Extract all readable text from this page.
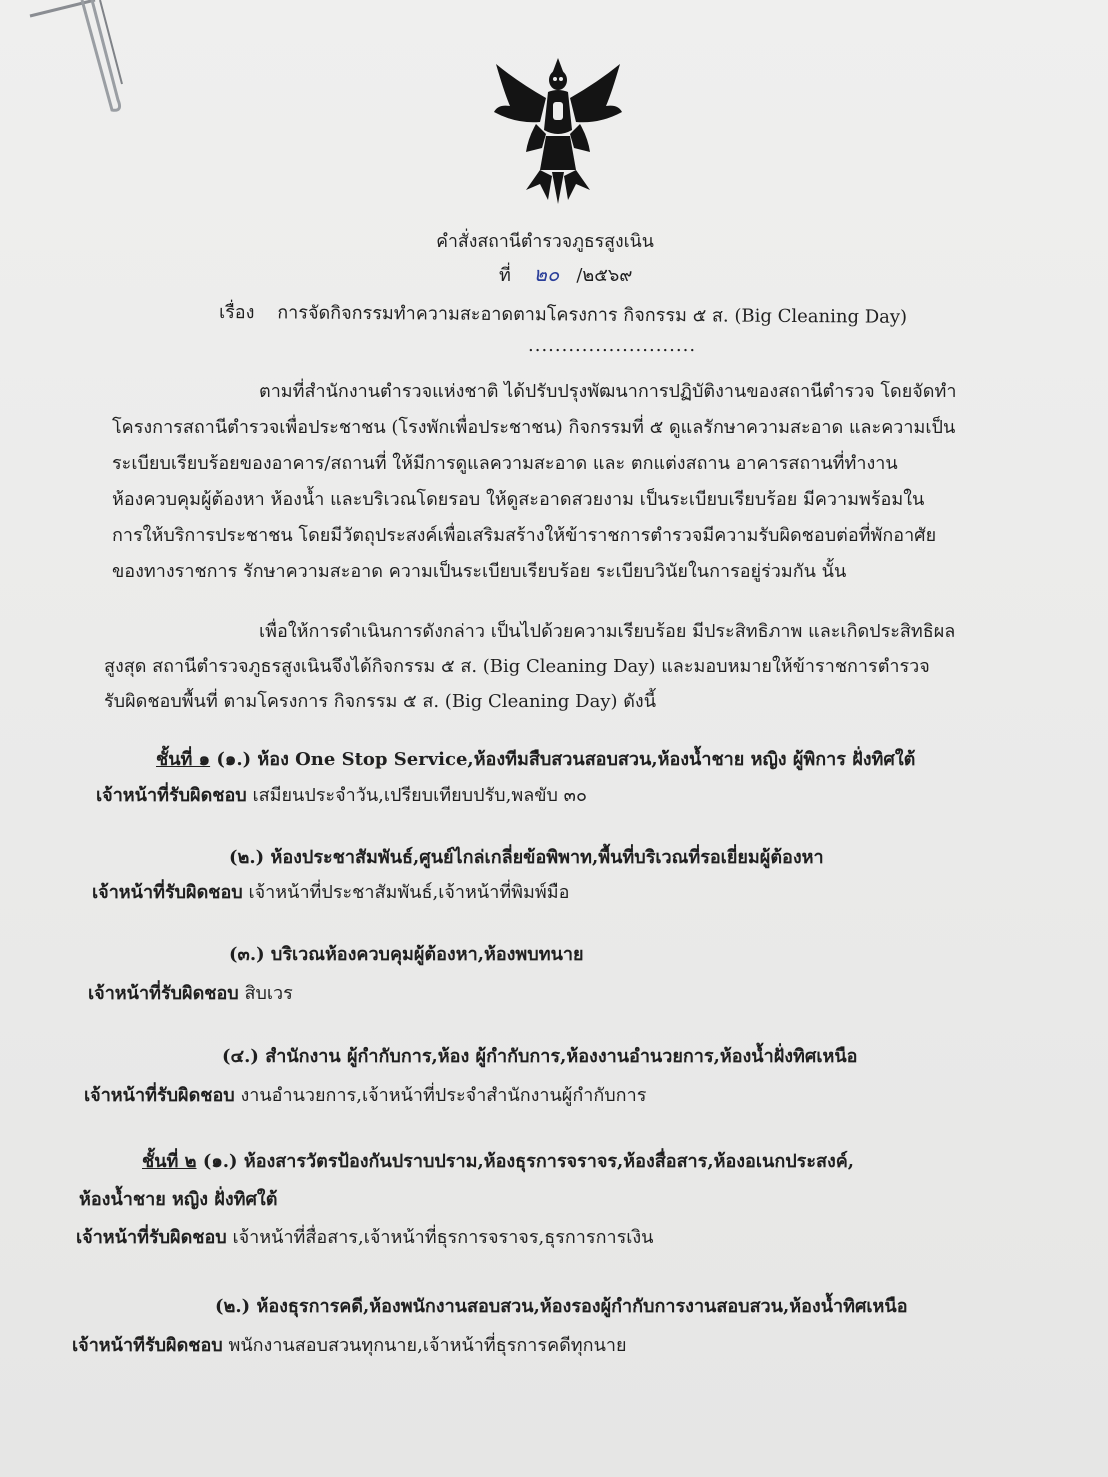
คำสั่งสถานีตำรวจภูธรสูงเนิน
ที่ ๒๐ /๒๕๖๙
เรื่อง การจัดกิจกรรมทำความสะอาดตามโครงการ กิจกรรม ๕ ส. (Big Cleaning Day)
.........................
ตามที่สำนักงานตำรวจแห่งชาติ ได้ปรับปรุงพัฒนาการปฏิบัติงานของสถานีตำรวจ โดยจัดทำ
โครงการสถานีตำรวจเพื่อประชาชน (โรงพักเพื่อประชาชน) กิจกรรมที่ ๕ ดูแลรักษาความสะอาด และความเป็น
ระเบียบเรียบร้อยของอาคาร/สถานที่ ให้มีการดูแลความสะอาด และ ตกแต่งสถาน อาคารสถานที่ทำงาน
ห้องควบคุมผู้ต้องหา ห้องน้ำ และบริเวณโดยรอบ ให้ดูสะอาดสวยงาม เป็นระเบียบเรียบร้อย มีความพร้อมใน
การให้บริการประชาชน โดยมีวัตถุประสงค์เพื่อเสริมสร้างให้ข้าราชการตำรวจมีความรับผิดชอบต่อที่พักอาศัย
ของทางราชการ รักษาความสะอาด ความเป็นระเบียบเรียบร้อย ระเบียบวินัยในการอยู่ร่วมกัน นั้น
เพื่อให้การดำเนินการดังกล่าว เป็นไปด้วยความเรียบร้อย มีประสิทธิภาพ และเกิดประสิทธิผล
สูงสุด สถานีตำรวจภูธรสูงเนินจึงได้กิจกรรม ๕ ส. (Big Cleaning Day) และมอบหมายให้ข้าราชการตำรวจ
รับผิดชอบพื้นที่ ตามโครงการ กิจกรรม ๕ ส. (Big Cleaning Day) ดังนี้
ชั้นที่ ๑ (๑.) ห้อง One Stop Service,ห้องทีมสืบสวนสอบสวน,ห้องน้ำชาย หญิง ผู้พิการ ฝั่งทิศใต้
เจ้าหน้าที่รับผิดชอบ เสมียนประจำวัน,เปรียบเทียบปรับ,พลขับ ๓๐
(๒.) ห้องประชาสัมพันธ์,ศูนย์ไกล่เกลี่ยข้อพิพาท,พื้นที่บริเวณที่รอเยี่ยมผู้ต้องหา
เจ้าหน้าที่รับผิดชอบ เจ้าหน้าที่ประชาสัมพันธ์,เจ้าหน้าที่พิมพ์มือ
(๓.) บริเวณห้องควบคุมผู้ต้องหา,ห้องพบทนาย
เจ้าหน้าที่รับผิดชอบ สิบเวร
(๔.) สำนักงาน ผู้กำกับการ,ห้อง ผู้กำกับการ,ห้องงานอำนวยการ,ห้องน้ำฝั่งทิศเหนือ
เจ้าหน้าที่รับผิดชอบ งานอำนวยการ,เจ้าหน้าที่ประจำสำนักงานผู้กำกับการ
ชั้นที่ ๒ (๑.) ห้องสารวัตรป้องกันปราบปราม,ห้องธุรการจราจร,ห้องสื่อสาร,ห้องอเนกประสงค์,
ห้องน้ำชาย หญิง ฝั่งทิศใต้
เจ้าหน้าที่รับผิดชอบ เจ้าหน้าที่สื่อสาร,เจ้าหน้าที่ธุรการจราจร,ธุรการการเงิน
(๒.) ห้องธุรการคดี,ห้องพนักงานสอบสวน,ห้องรองผู้กำกับการงานสอบสวน,ห้องน้ำทิศเหนือ
เจ้าหน้าทีรับผิดชอบ พนักงานสอบสวนทุกนาย,เจ้าหน้าที่ธุรการคดีทุกนาย
